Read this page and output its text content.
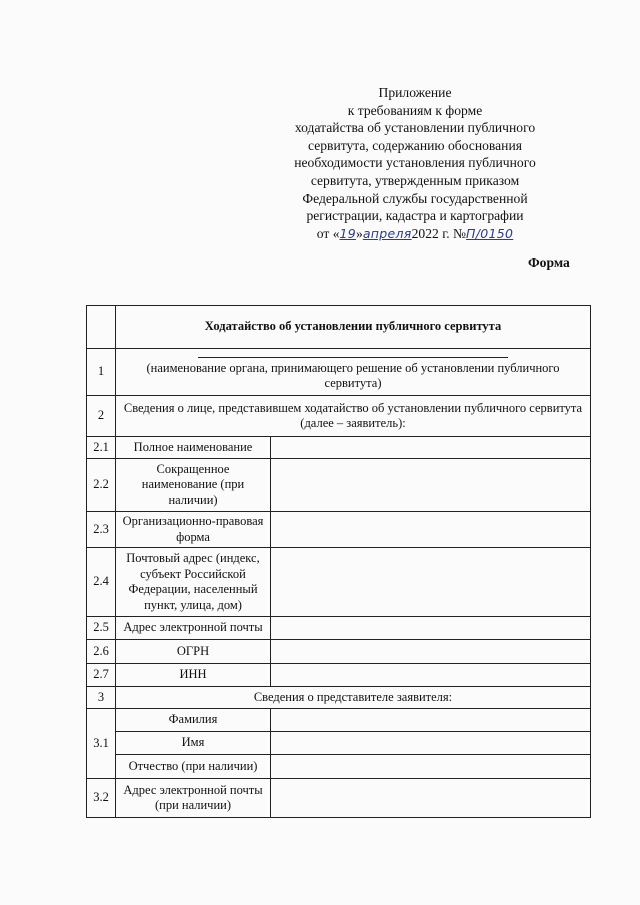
Приложение
к требованиям к форме
ходатайства об установлении публичного
сервитута, содержанию обоснования
необходимости установления публичного
сервитута, утвержденным приказом
Федеральной службы государственной
регистрации, кадастра и картографии
от «19»апреля2022 г. №П/0150
Форма
	Ходатайство об установлении публичного сервитута	
1	(наименование органа, принимающего решение об установлении публичного сервитута)	
2	Сведения о лице, представившем ходатайство об установлении публичного сервитута (далее – заявитель):	
2.1	Полное наименование	
2.2	Сокращенное наименование (при наличии)	
2.3	Организационно-правовая форма	
2.4	Почтовый адрес (индекс, субъект Российской Федерации, населенный пункт, улица, дом)	
2.5	Адрес электронной почты	
2.6	ОГРН	
2.7	ИНН	
3	Сведения о представителе заявителя:	
3.1	Фамилия	
	Имя	
	Отчество (при наличии)	
3.2	Адрес электронной почты (при наличии)	
